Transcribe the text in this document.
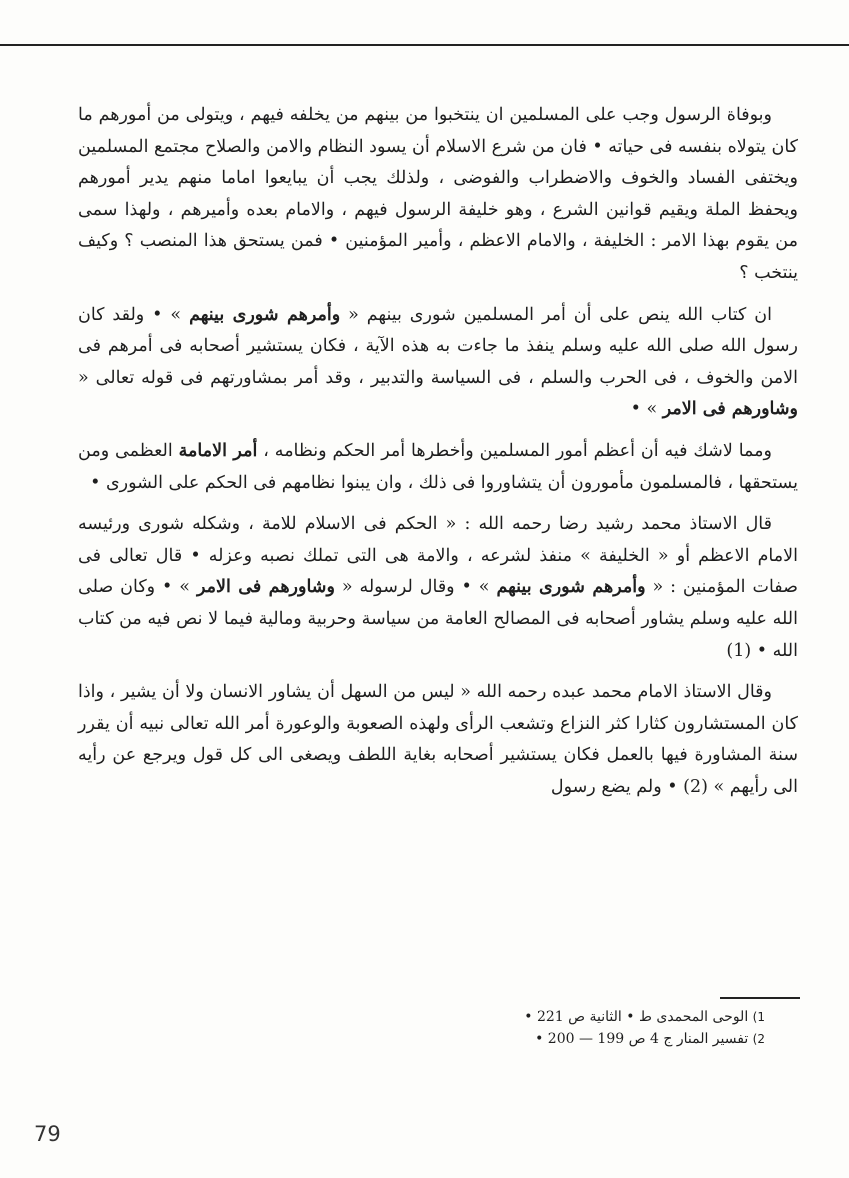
وبوفاة الرسول وجب على المسلمين ان ينتخبوا من بينهم من يخلفه فيهم ، ويتولى من أمورهم ما كان يتولاه بنفسه فى حياته • فان من شرع الاسلام أن يسود النظام والامن والصلاح مجتمع المسلمين ويختفى الفساد والخوف والاضطراب والفوضى ، ولذلك يجب أن يبايعوا اماما منهم يدير أمورهم ويحفظ الملة ويقيم قوانين الشرع ، وهو خليفة الرسول فيهم ، والامام بعده وأميرهم ، ولهذا سمى من يقوم بهذا الامر : الخليفة ، والامام الاعظم ، وأمير المؤمنين • فمن يستحق هذا المنصب ؟ وكيف ينتخب ؟

ان كتاب الله ينص على أن أمر المسلمين شورى بينهم « وأمرهم شورى بينهم » • ولقد كان رسول الله صلى الله عليه وسلم ينفذ ما جاءت به هذه الآية ، فكان يستشير أصحابه فى أمرهم فى الامن والخوف ، فى الحرب والسلم ، فى السياسة والتدبير ، وقد أمر بمشاورتهم فى قوله تعالى « وشاورهم فى الامر » •

ومما لاشك فيه أن أعظم أمور المسلمين وأخطرها أمر الحكم ونظامه ، أمر الامامة العظمى ومن يستحقها ، فالمسلمون مأمورون أن يتشاوروا فى ذلك ، وان يبنوا نظامهم فى الحكم على الشورى •

قال الاستاذ محمد رشيد رضا رحمه الله : « الحكم فى الاسلام للامة ، وشكله شورى ورئيسه الامام الاعظم أو « الخليفة » منفذ لشرعه ، والامة هى التى تملك نصبه وعزله • قال تعالى فى صفات المؤمنين : « وأمرهم شورى بينهم » • وقال لرسوله « وشاورهم فى الامر » • وكان صلى الله عليه وسلم يشاور أصحابه فى المصالح العامة من سياسة وحربية ومالية فيما لا نص فيه من كتاب الله • (1)

وقال الاستاذ الامام محمد عبده رحمه الله « ليس من السهل أن يشاور الانسان ولا أن يشير ، واذا كان المستشارون كثارا كثر النزاع وتشعب الرأى ولهذه الصعوبة والوعورة أمر الله تعالى نبيه أن يقرر سنة المشاورة فيها بالعمل فكان يستشير أصحابه بغاية اللطف ويصغى الى كل قول ويرجع عن رأيه الى رأيهم » (2) • ولم يضع رسول

1) الوحى المحمدى ط • الثانية ص 221 •

2) تفسير المنار ج 4 ص 199 — 200 •

79
